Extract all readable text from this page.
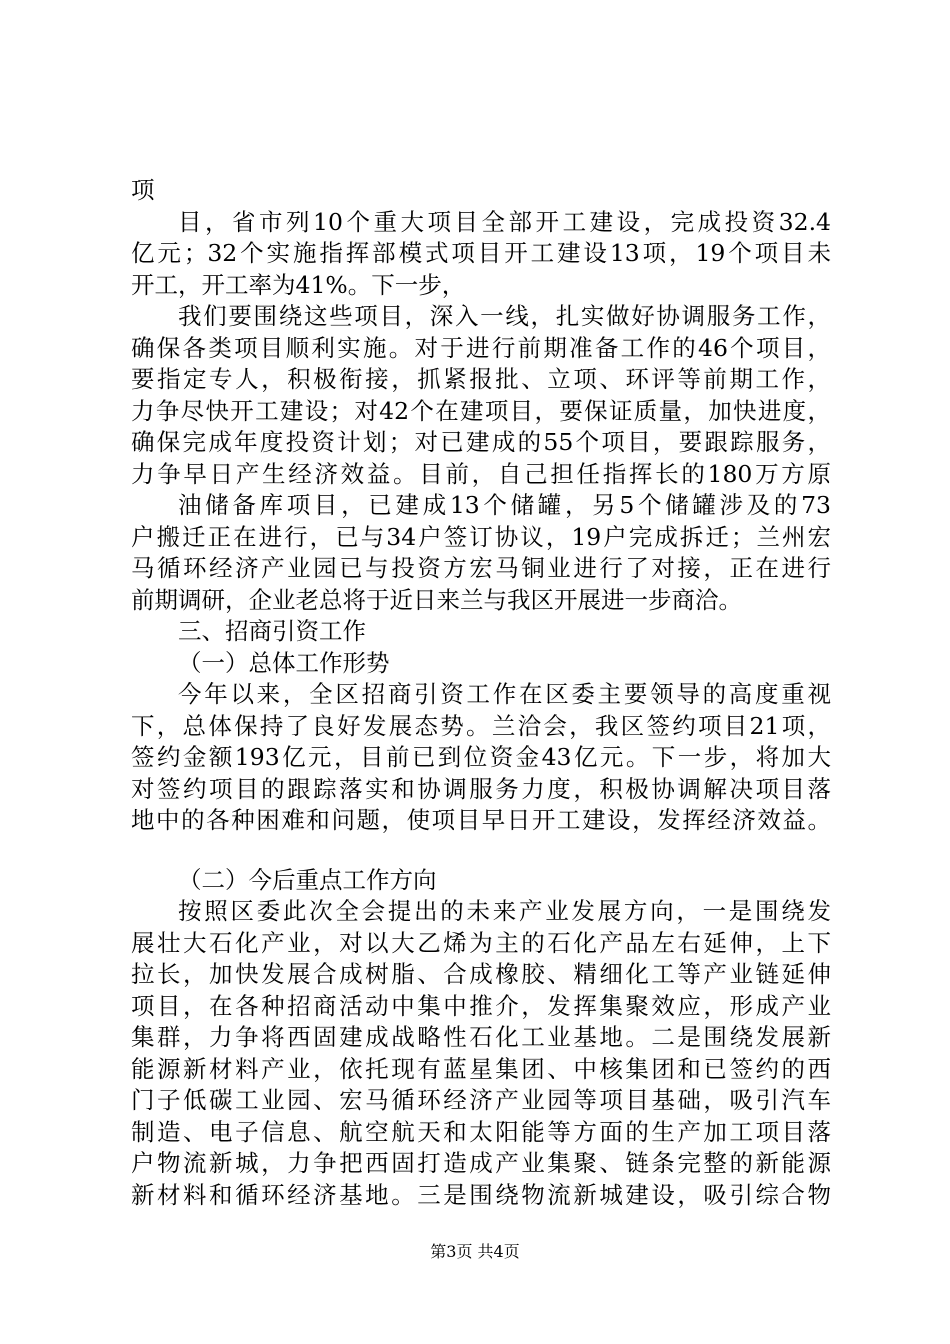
项
目，省市列10个重大项目全部开工建设，完成投资32.4
亿元；32个实施指挥部模式项目开工建设13项，19个项目未
开工，开工率为41%。下一步，
我们要围绕这些项目，深入一线，扎实做好协调服务工作，
确保各类项目顺利实施。对于进行前期准备工作的46个项目，
要指定专人，积极衔接，抓紧报批、立项、环评等前期工作，
力争尽快开工建设；对42个在建项目，要保证质量，加快进度，
确保完成年度投资计划；对已建成的55个项目，要跟踪服务，
力争早日产生经济效益。目前，自己担任指挥长的180万方原
油储备库项目，已建成13个储罐，另5个储罐涉及的73
户搬迁正在进行，已与34户签订协议，19户完成拆迁；兰州宏
马循环经济产业园已与投资方宏马铜业进行了对接，正在进行
前期调研，企业老总将于近日来兰与我区开展进一步商洽。
三、招商引资工作
（一）总体工作形势
今年以来，全区招商引资工作在区委主要领导的高度重视
下，总体保持了良好发展态势。兰洽会，我区签约项目21项，
签约金额193亿元，目前已到位资金43亿元。下一步，将加大
对签约项目的跟踪落实和协调服务力度，积极协调解决项目落
地中的各种困难和问题，使项目早日开工建设，发挥经济效益。
（二）今后重点工作方向
按照区委此次全会提出的未来产业发展方向，一是围绕发
展壮大石化产业，对以大乙烯为主的石化产品左右延伸，上下
拉长，加快发展合成树脂、合成橡胶、精细化工等产业链延伸
项目，在各种招商活动中集中推介，发挥集聚效应，形成产业
集群，力争将西固建成战略性石化工业基地。二是围绕发展新
能源新材料产业，依托现有蓝星集团、中核集团和已签约的西
门子低碳工业园、宏马循环经济产业园等项目基础，吸引汽车
制造、电子信息、航空航天和太阳能等方面的生产加工项目落
户物流新城，力争把西固打造成产业集聚、链条完整的新能源
新材料和循环经济基地。三是围绕物流新城建设，吸引综合物
第3页 共4页
